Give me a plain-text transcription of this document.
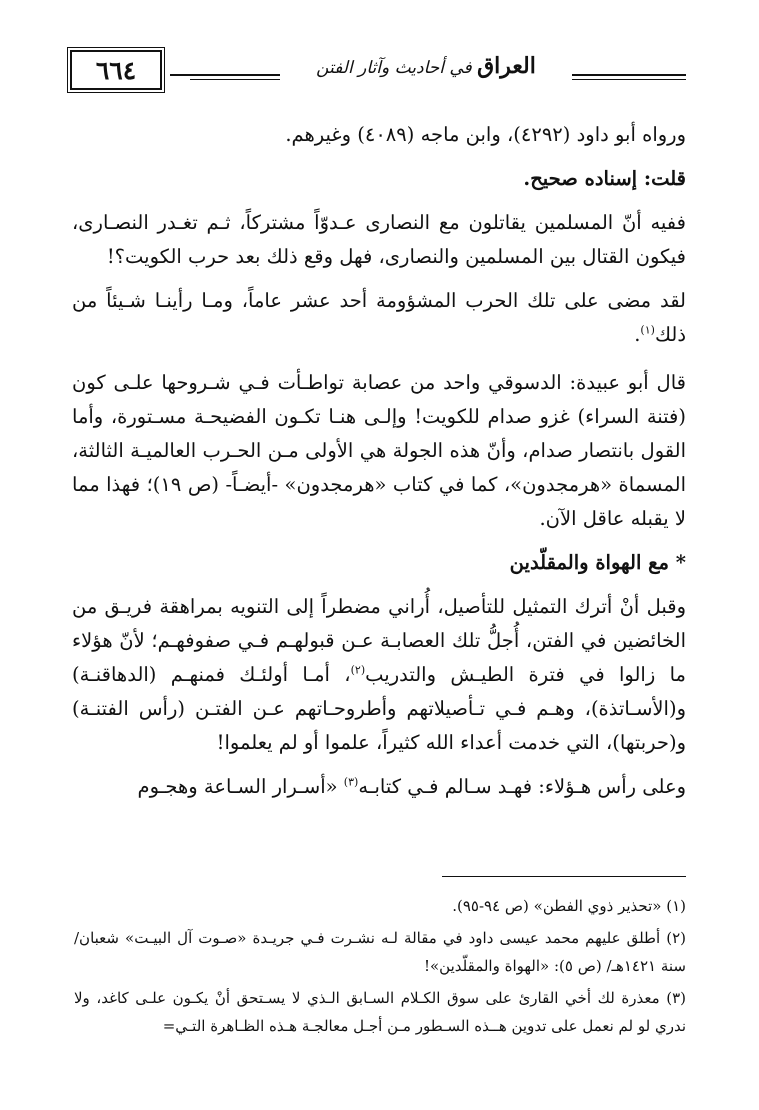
٦٦٤	العراق في أحاديث وآثار الفتن

ورواه أبو داود (٤٢٩٢)، وابن ماجه (٤٠٨٩) وغيرهم.

قلت: إسناده صحيح.

ففيه أنّ المسلمين يقاتلون مع النصارى عـدوّاً مشتركاً، ثـم تغـدر النصـارى، فيكون القتال بين المسلمين والنصارى، فهل وقع ذلك بعد حرب الكويت؟!

لقد مضى على تلك الحرب المشؤومة أحد عشر عاماً، ومـا رأينـا شـيئاً من ذلك$^{(١)}$.

قال أبو عبيدة: الدسوقي واحد من عصابة تواطـأت فـي شـروحها علـى كون (فتنة السراء) غزو صدام للكويت! وإلـى هنـا تكـون الفضيحـة مسـتورة، وأما القول بانتصار صدام، وأنّ هذه الجولة هي الأولى مـن الحـرب العالميـة الثالثة، المسماة «هرمجدون»، كما في كتاب «هرمجدون» -أيضـاً- (ص ١٩)؛ فهذا مما لا يقبله عاقل الآن.

* مع الهواة والمقلّدين

وقبل أنْ أترك التمثيل للتأصيل، أُراني مضطراً إلى التنويه بمراهقة فريـق من الخائضين في الفتن، أُجلُّ تلك العصابـة عـن قبولهـم فـي صفوفهـم؛ لأنّ هؤلاء ما زالوا في فترة الطيـش والتدريب$^{(٢)}$، أمـا أولئـك فمنهـم (الدهاقنـة) و(الأسـاتذة)، وهـم فـي تـأصيلاتهم وأطروحـاتهم عـن الفتـن (رأس الفتنـة) و(حربتها)، التي خدمت أعداء الله كثيراً، علموا أو لم يعلموا!

وعلى رأس هـؤلاء: فهـد سـالم فـي كتابـه$^{(٣)}$ «أسـرار السـاعة وهجـوم

(١) «تحذير ذوي الفطن» (ص ٩٤-٩٥).

(٢) أطلق عليهم محمد عيسى داود في مقالة لـه نشـرت فـي جريـدة «صـوت آل البيـت» شعبان/ سنة ١٤٢١هـ/ (ص ٥): «الهواة والمقلّدين»!

(٣) معذرة لك أخي القارئ على سوق الكـلام السـابق الـذي لا يسـتحق أنْ يكـون علـى كاغد، ولا ندري لو لم نعمل على تدوين هــذه السـطور مـن أجـل معالجـة هـذه الظـاهرة التـي=
